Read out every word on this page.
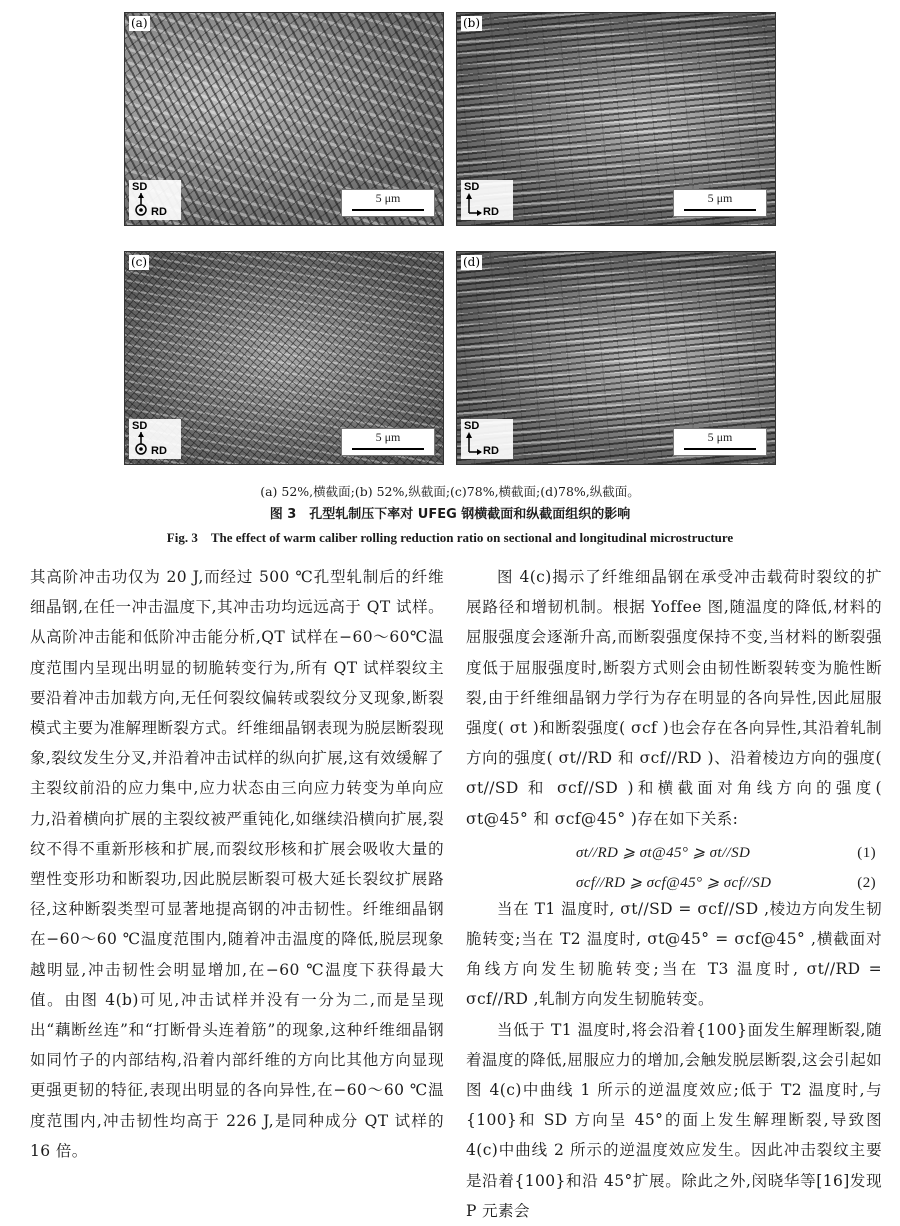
(a)
SD
RD
5 μm
(b)
SD
RD
5 μm
(c)
SD
RD
5 μm
(d)
SD
RD
5 μm
(a) 52%,横截面;(b) 52%,纵截面;(c)78%,横截面;(d)78%,纵截面。
图 3　孔型轧制压下率对 UFEG 钢横截面和纵截面组织的影响
Fig. 3　The effect of warm caliber rolling reduction ratio on sectional and longitudinal microstructure

其高阶冲击功仅为 20 J,而经过 500 ℃孔型轧制后的纤维细晶钢,在任一冲击温度下,其冲击功均远远高于 QT 试样。从高阶冲击能和低阶冲击能分析,QT 试样在−60～60℃温度范围内呈现出明显的韧脆转变行为,所有 QT 试样裂纹主要沿着冲击加载方向,无任何裂纹偏转或裂纹分叉现象,断裂模式主要为准解理断裂方式。纤维细晶钢表现为脱层断裂现象,裂纹发生分叉,并沿着冲击试样的纵向扩展,这有效缓解了主裂纹前沿的应力集中,应力状态由三向应力转变为单向应力,沿着横向扩展的主裂纹被严重钝化,如继续沿横向扩展,裂纹不得不重新形核和扩展,而裂纹形核和扩展会吸收大量的塑性变形功和断裂功,因此脱层断裂可极大延长裂纹扩展路径,这种断裂类型可显著地提高钢的冲击韧性。纤维细晶钢在−60～60 ℃温度范围内,随着冲击温度的降低,脱层现象越明显,冲击韧性会明显增加,在−60 ℃温度下获得最大值。由图 4(b)可见,冲击试样并没有一分为二,而是呈现出“藕断丝连”和“打断骨头连着筋”的现象,这种纤维细晶钢如同竹子的内部结构,沿着内部纤维的方向比其他方向显现更强更韧的特征,表现出明显的各向异性,在−60～60 ℃温度范围内,冲击韧性均高于 226 J,是同种成分 QT 试样的 16 倍。

图 4(c)揭示了纤维细晶钢在承受冲击载荷时裂纹的扩展路径和增韧机制。根据 Yoffee 图,随温度的降低,材料的屈服强度会逐渐升高,而断裂强度保持不变,当材料的断裂强度低于屈服强度时,断裂方式则会由韧性断裂转变为脆性断裂,由于纤维细晶钢力学行为存在明显的各向异性,因此屈服强度( σt )和断裂强度( σcf )也会存在各向异性,其沿着轧制方向的强度( σt//RD 和 σcf//RD )、沿着棱边方向的强度( σt//SD 和 σcf//SD )和横截面对角线方向的强度( σt@45° 和 σcf@45° )存在如下关系:

σt//RD ⩾ σt@45° ⩾ σt//SD	(1)
σcf//RD ⩾ σcf@45° ⩾ σcf//SD	(2)

当在 T1 温度时, σt//SD = σcf//SD ,棱边方向发生韧脆转变;当在 T2 温度时, σt@45° = σcf@45° ,横截面对角线方向发生韧脆转变;当在 T3 温度时, σt//RD = σcf//RD ,轧制方向发生韧脆转变。

当低于 T1 温度时,将会沿着{100}面发生解理断裂,随着温度的降低,屈服应力的增加,会触发脱层断裂,这会引起如图 4(c)中曲线 1 所示的逆温度效应;低于 T2 温度时,与{100}和 SD 方向呈 45°的面上发生解理断裂,导致图 4(c)中曲线 2 所示的逆温度效应发生。因此冲击裂纹主要是沿着{100}和沿 45°扩展。除此之外,闵晓华等[16]发现 P 元素会
